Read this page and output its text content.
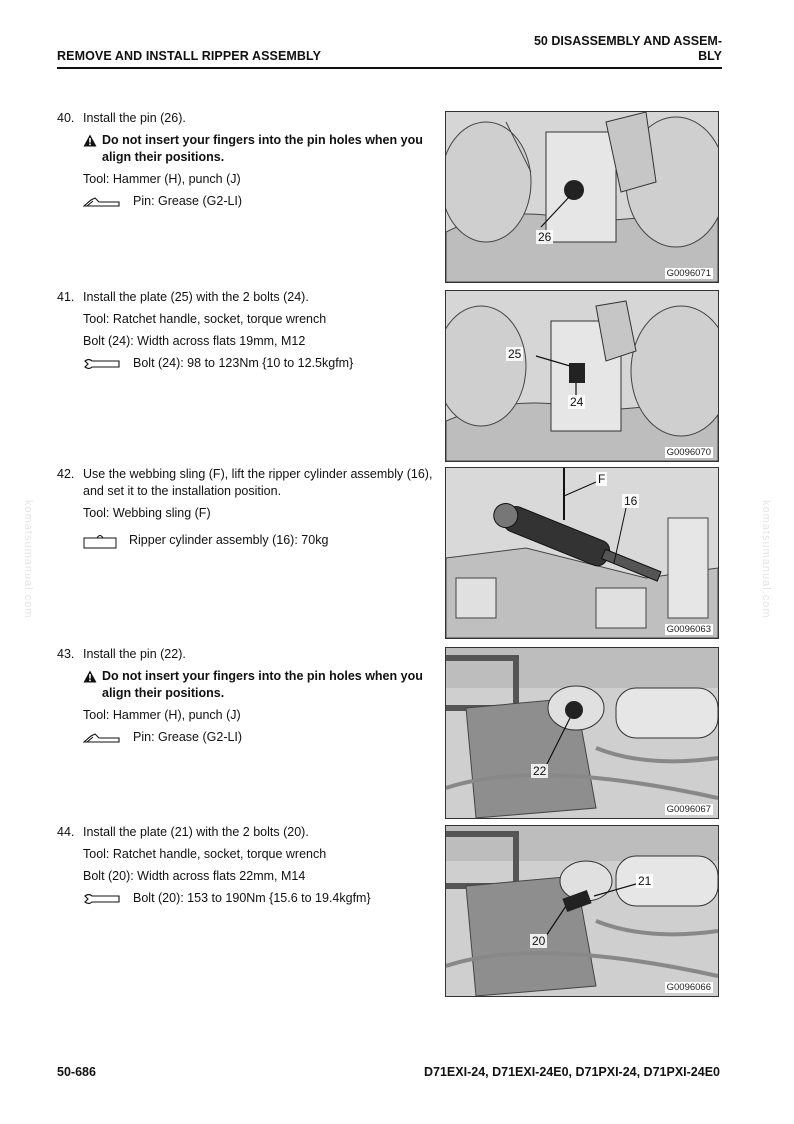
REMOVE AND INSTALL RIPPER ASSEMBLY
50 DISASSEMBLY AND ASSEM-
BLY
komatsumanual.com	komatsumanual.com
40. Install the pin (26).
Do not insert your fingers into the pin holes when you align their positions.
Tool: Hammer (H), punch (J)
Pin: Grease (G2-LI)
26
G0096071
41. Install the plate (25) with the 2 bolts (24).
Tool: Ratchet handle, socket, torque wrench
Bolt (24): Width across flats 19mm, M12
Bolt (24): 98 to 123Nm {10 to 12.5kgfm}
25
24
G0096070
42. Use the webbing sling (F), lift the ripper cylinder assembly (16), and set it to the installation position.
Tool: Webbing sling (F)
Ripper cylinder assembly (16): 70kg
F
16
G0096063
43. Install the pin (22).
Do not insert your fingers into the pin holes when you align their positions.
Tool: Hammer (H), punch (J)
Pin: Grease (G2-LI)
22
G0096067
44. Install the plate (21) with the 2 bolts (20).
Tool: Ratchet handle, socket, torque wrench
Bolt (20): Width across flats 22mm, M14
Bolt (20): 153 to 190Nm {15.6 to 19.4kgfm}
21
20
G0096066
50-686	D71EXI-24, D71EXI-24E0, D71PXI-24, D71PXI-24E0
